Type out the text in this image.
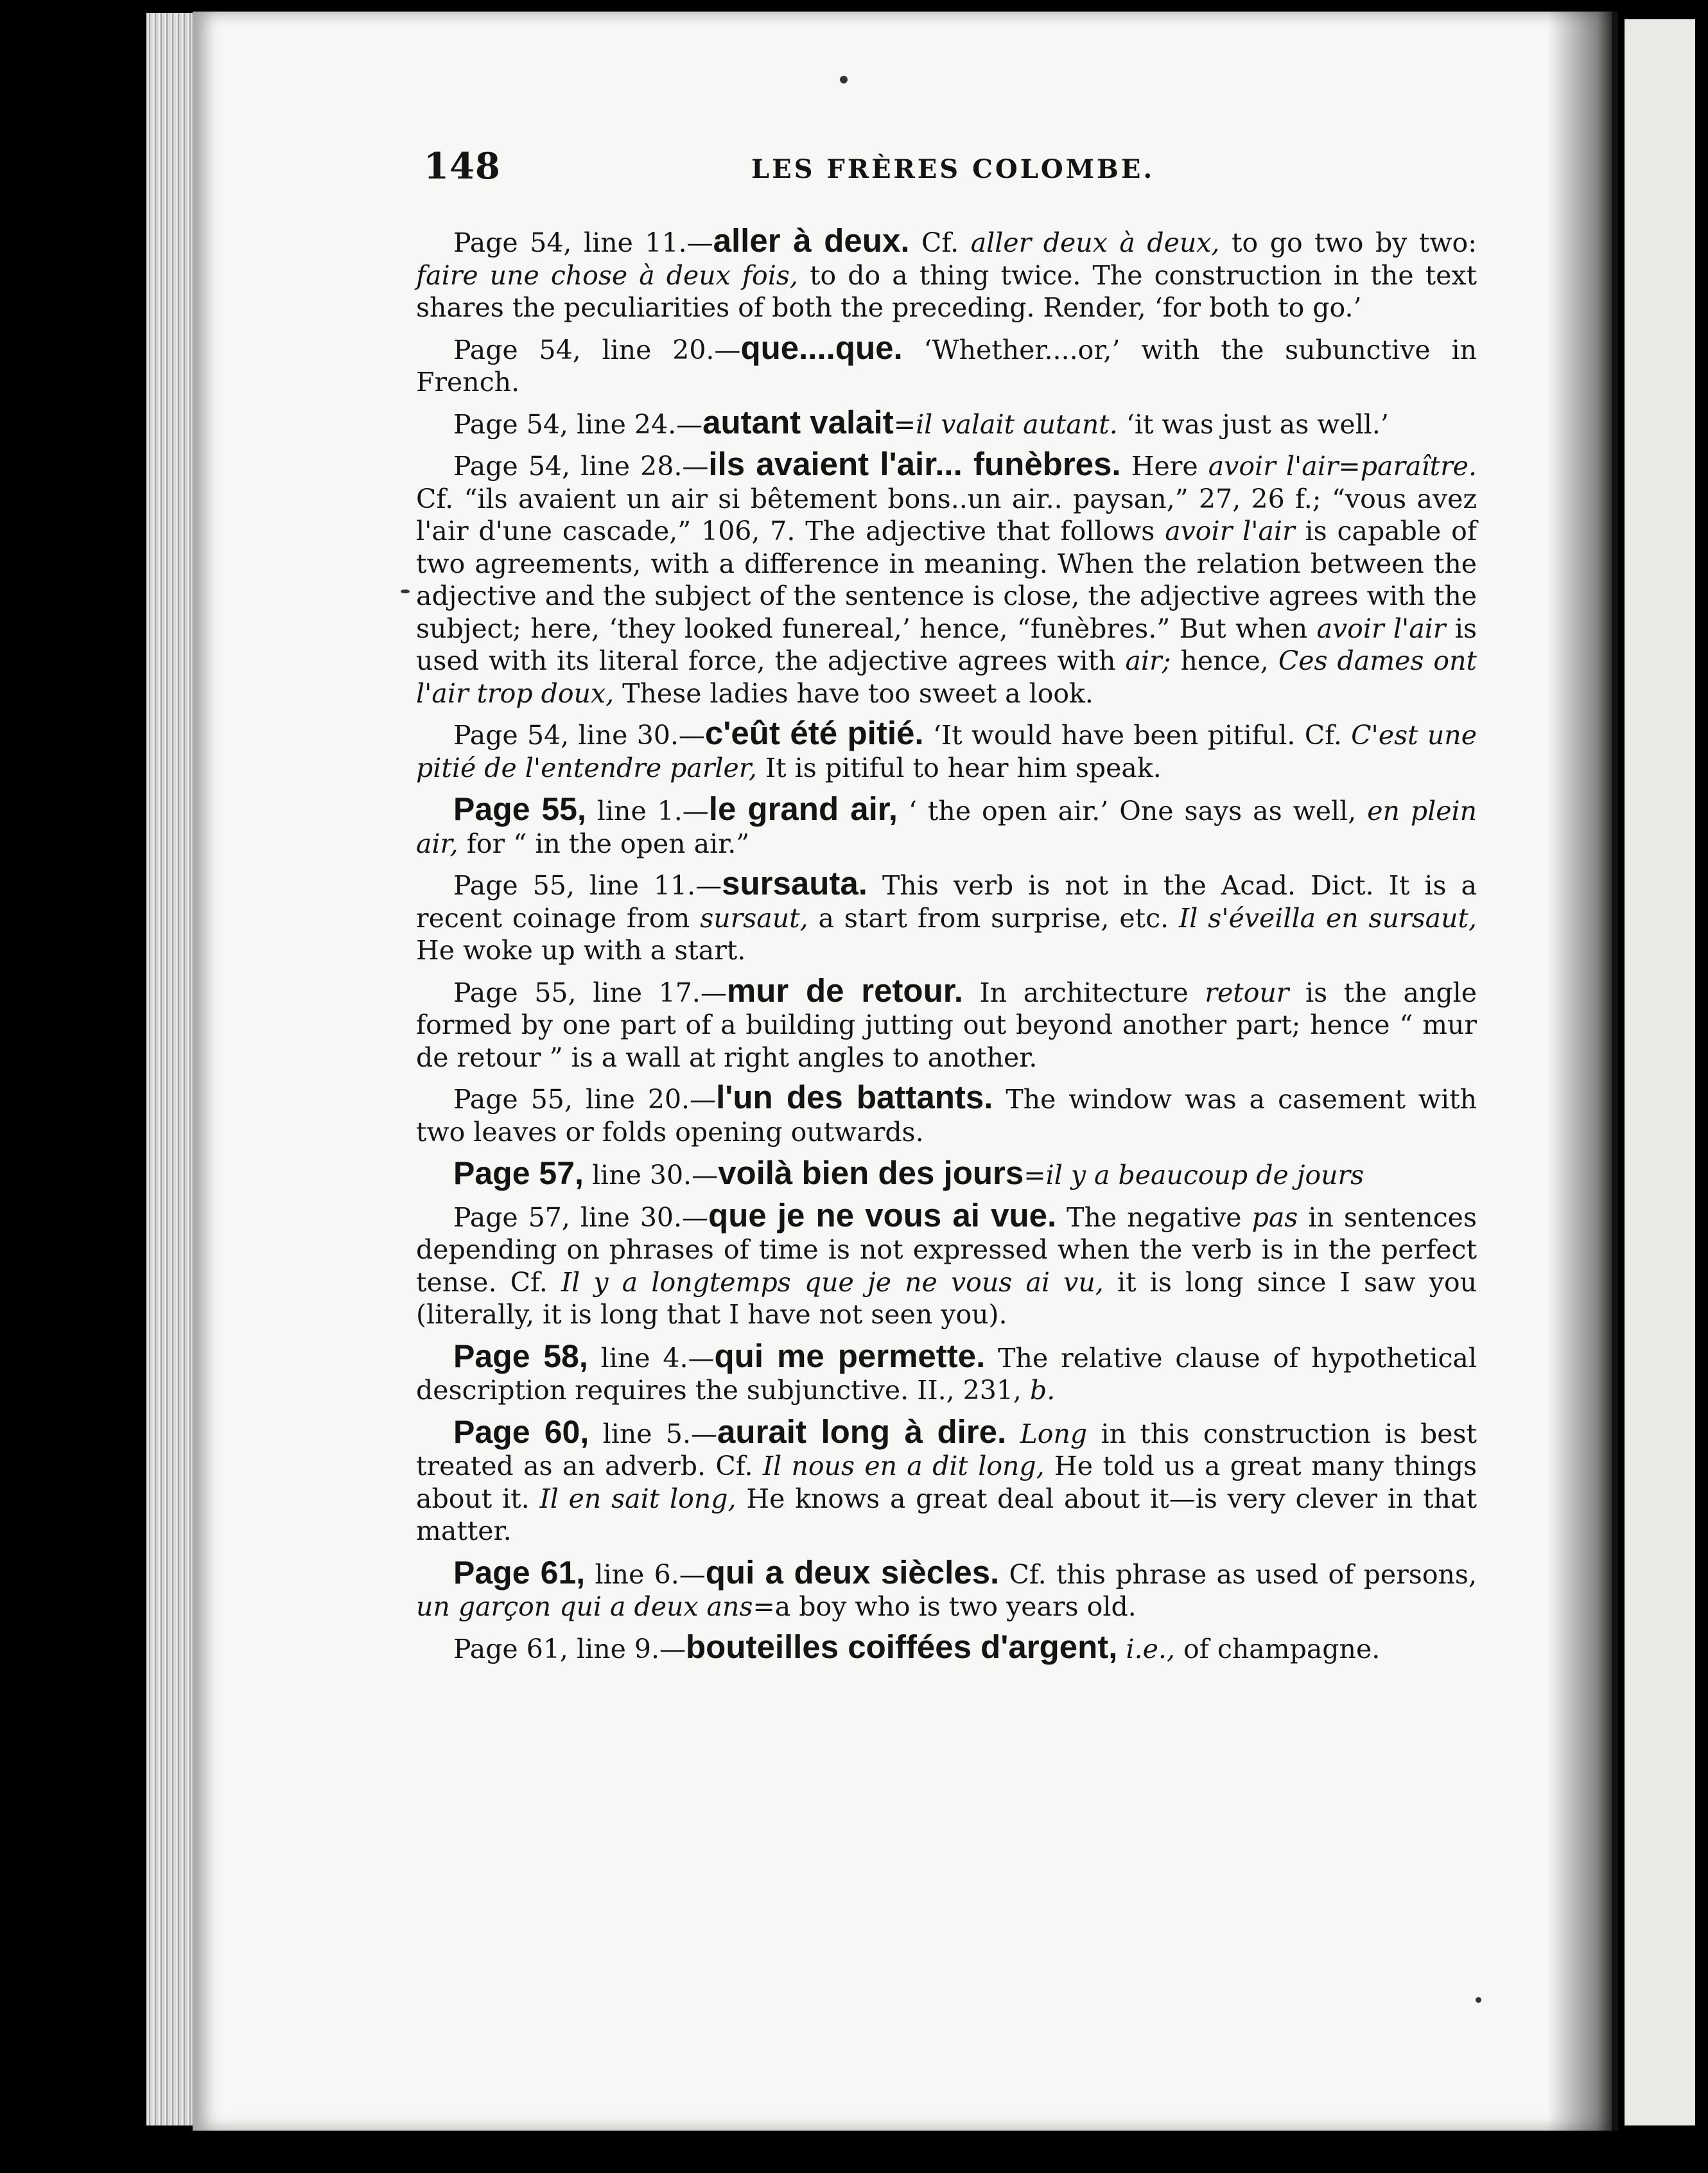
148	LES FRÈRES COLOMBE.

Page 54, line 11.—aller à deux. Cf. aller deux à deux, to go two by two: faire une chose à deux fois, to do a thing twice. The construction in the text shares the peculiarities of both the preceding. Render, ‘for both to go.’

Page 54, line 20.—que....que. ‘Whether....or,’ with the subunctive in French.

Page 54, line 24.—autant valait=il valait autant. ‘it was just as well.’

Page 54, line 28.—ils avaient l'air... funèbres. Here avoir l'air=paraître. Cf. “ils avaient un air si bêtement bons..un air.. paysan,” 27, 26 f.; “vous avez l'air d'une cascade,” 106, 7. The adjective that follows avoir l'air is capable of two agreements, with a difference in meaning. When the relation between the adjective and the subject of the sentence is close, the adjective agrees with the subject; here, ‘they looked funereal,’ hence, “funèbres.” But when avoir l'air is used with its literal force, the adjective agrees with air; hence, Ces dames ont l'air trop doux, These ladies have too sweet a look.

Page 54, line 30.—c'eût été pitié. ‘It would have been pitiful. Cf. C'est une pitié de l'entendre parler, It is pitiful to hear him speak.

Page 55, line 1.—le grand air, ‘ the open air.’ One says as well, en plein air, for “ in the open air.”

Page 55, line 11.—sursauta. This verb is not in the Acad. Dict. It is a recent coinage from sursaut, a start from surprise, etc. Il s'éveilla en sursaut, He woke up with a start.

Page 55, line 17.—mur de retour. In architecture retour is the angle formed by one part of a building jutting out beyond another part; hence “ mur de retour ” is a wall at right angles to another.

Page 55, line 20.—l'un des battants. The window was a casement with two leaves or folds opening outwards.

Page 57, line 30.—voilà bien des jours=il y a beaucoup de jours

Page 57, line 30.—que je ne vous ai vue. The negative pas in sentences depending on phrases of time is not expressed when the verb is in the perfect tense. Cf. Il y a longtemps que je ne vous ai vu, it is long since I saw you (literally, it is long that I have not seen you).

Page 58, line 4.—qui me permette. The relative clause of hypothetical description requires the subjunctive. II., 231, b.

Page 60, line 5.—aurait long à dire. Long in this construction is best treated as an adverb. Cf. Il nous en a dit long, He told us a great many things about it. Il en sait long, He knows a great deal about it—is very clever in that matter.

Page 61, line 6.—qui a deux siècles. Cf. this phrase as used of persons, un garçon qui a deux ans=a boy who is two years old.

Page 61, line 9.—bouteilles coiffées d'argent, i.e., of champagne.
